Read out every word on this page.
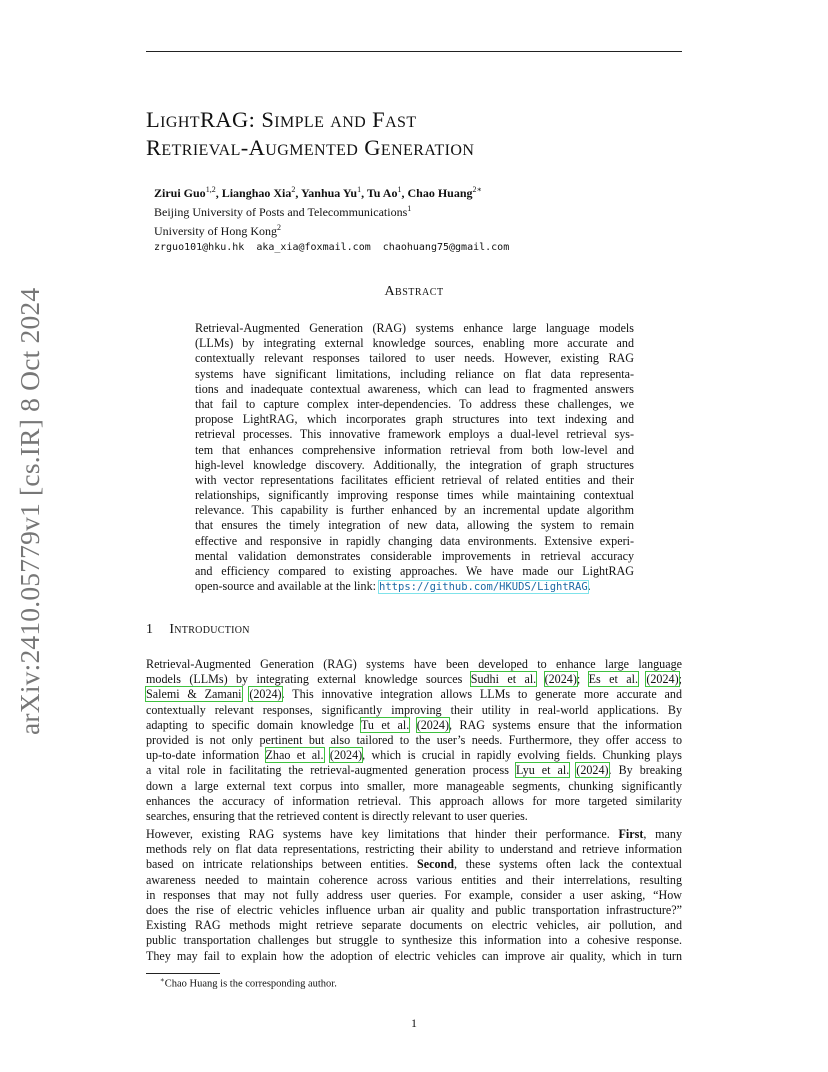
arXiv:2410.05779v1 [cs.IR] 8 Oct 2024
LightRAG: Simple and Fast
Retrieval-Augmented Generation
Zirui Guo$^{1,2}$, Lianghao Xia$^2$, Yanhua Yu$^1$, Tu Ao$^1$, Chao Huang$^{2∗}$
Beijing University of Posts and Telecommunications$^1$
University of Hong Kong$^2$
zrguo101@hku.hk  aka_xia@foxmail.com  chaohuang75@gmail.com
Abstract
Retrieval-Augmented Generation (RAG) systems enhance large language models
(LLMs) by integrating external knowledge sources, enabling more accurate and
contextually relevant responses tailored to user needs. However, existing RAG
systems have significant limitations, including reliance on flat data representa-
tions and inadequate contextual awareness, which can lead to fragmented answers
that fail to capture complex inter-dependencies. To address these challenges, we
propose LightRAG, which incorporates graph structures into text indexing and
retrieval processes. This innovative framework employs a dual-level retrieval sys-
tem that enhances comprehensive information retrieval from both low-level and
high-level knowledge discovery. Additionally, the integration of graph structures
with vector representations facilitates efficient retrieval of related entities and their
relationships, significantly improving response times while maintaining contextual
relevance. This capability is further enhanced by an incremental update algorithm
that ensures the timely integration of new data, allowing the system to remain
effective and responsive in rapidly changing data environments. Extensive experi-
mental validation demonstrates considerable improvements in retrieval accuracy
and efficiency compared to existing approaches. We have made our LightRAG
open-source and available at the link: https://github.com/HKUDS/LightRAG.
1 Introduction
Retrieval-Augmented Generation (RAG) systems have been developed to enhance large language
models (LLMs) by integrating external knowledge sources Sudhi et al. (2024); Es et al. (2024);
Salemi & Zamani (2024). This innovative integration allows LLMs to generate more accurate and
contextually relevant responses, significantly improving their utility in real-world applications. By
adapting to specific domain knowledge Tu et al. (2024), RAG systems ensure that the information
provided is not only pertinent but also tailored to the user’s needs. Furthermore, they offer access to
up-to-date information Zhao et al. (2024), which is crucial in rapidly evolving fields. Chunking plays
a vital role in facilitating the retrieval-augmented generation process Lyu et al. (2024). By breaking
down a large external text corpus into smaller, more manageable segments, chunking significantly
enhances the accuracy of information retrieval. This approach allows for more targeted similarity
searches, ensuring that the retrieved content is directly relevant to user queries.
However, existing RAG systems have key limitations that hinder their performance. First, many
methods rely on flat data representations, restricting their ability to understand and retrieve information
based on intricate relationships between entities. Second, these systems often lack the contextual
awareness needed to maintain coherence across various entities and their interrelations, resulting
in responses that may not fully address user queries. For example, consider a user asking, “How
does the rise of electric vehicles influence urban air quality and public transportation infrastructure?”
Existing RAG methods might retrieve separate documents on electric vehicles, air pollution, and
public transportation challenges but struggle to synthesize this information into a cohesive response.
They may fail to explain how the adoption of electric vehicles can improve air quality, which in turn
∗Chao Huang is the corresponding author.
1
